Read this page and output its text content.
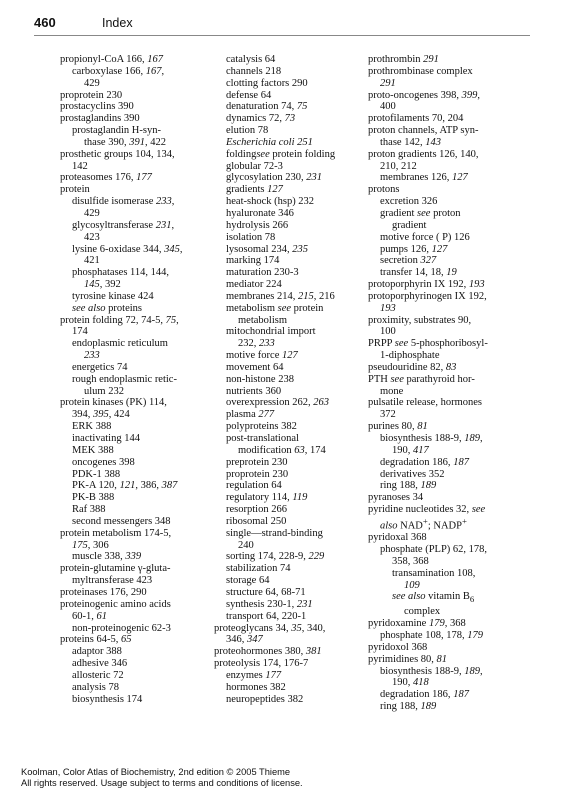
460	Index
propionyl-CoA 166, 167
carboxylase 166, 167,
429
proprotein 230
prostacyclins 390
prostaglandins 390
prostaglandin H-syn-
thase 390, 391, 422
prosthetic groups 104, 134,
142
proteasomes 176, 177
protein
disulfide isomerase 233,
429
glycosyltransferase 231,
423
lysine 6-oxidase 344, 345,
421
phosphatases 114, 144,
145, 392
tyrosine kinase 424
see also proteins
protein folding 72, 74-5, 75,
174
endoplasmic reticulum
233
energetics 74
rough endoplasmic retic-
ulum 232
protein kinases (PK) 114,
394, 395, 424
ERK 388
inactivating 144
MEK 388
oncogenes 398
PDK-1 388
PK-A 120, 121, 386, 387
PK-B 388
Raf 388
second messengers 348
protein metabolism 174-5,
175, 306
muscle 338, 339
protein-glutamine γ-gluta-
myltransferase 423
proteinases 176, 290
proteinogenic amino acids
60-1, 61
non-proteinogenic 62-3
proteins 64-5, 65
adaptor 388
adhesive 346
allosteric 72
analysis 78
biosynthesis 174
catalysis 64
channels 218
clotting factors 290
defense 64
denaturation 74, 75
dynamics 72, 73
elution 78
Escherichia coli 251
foldingsee protein folding
globular 72-3
glycosylation 230, 231
gradients 127
heat-shock (hsp) 232
hyaluronate 346
hydrolysis 266
isolation 78
lysosomal 234, 235
marking 174
maturation 230-3
mediator 224
membranes 214, 215, 216
metabolism see protein
metabolism
mitochondrial import
232, 233
motive force 127
movement 64
non-histone 238
nutrients 360
overexpression 262, 263
plasma 277
polyproteins 382
post-translational
modification 63, 174
preprotein 230
proprotein 230
regulation 64
regulatory 114, 119
resorption 266
ribosomal 250
single—strand-binding
240
sorting 174, 228-9, 229
stabilization 74
storage 64
structure 64, 68-71
synthesis 230-1, 231
transport 64, 220-1
proteoglycans 34, 35, 340,
346, 347
proteohormones 380, 381
proteolysis 174, 176-7
enzymes 177
hormones 382
neuropeptides 382
prothrombin 291
prothrombinase complex
291
proto-oncogenes 398, 399,
400
protofilaments 70, 204
proton channels, ATP syn-
thase 142, 143
proton gradients 126, 140,
210, 212
membranes 126, 127
protons
excretion 326
gradient see proton
gradient
motive force ( P) 126
pumps 126, 127
secretion 327
transfer 14, 18, 19
protoporphyrin IX 192, 193
protoporphyrinogen IX 192,
193
proximity, substrates 90,
100
PRPP see 5-phosphoribosyl-
1-diphosphate
pseudouridine 82, 83
PTH see parathyroid hor-
mone
pulsatile release, hormones
372
purines 80, 81
biosynthesis 188-9, 189,
190, 417
degradation 186, 187
derivatives 352
ring 188, 189
pyranoses 34
pyridine nucleotides 32, see
also NAD+; NADP+
pyridoxal 368
phosphate (PLP) 62, 178,
358, 368
transamination 108,
109
see also vitamin $B_6$
complex
pyridoxamine 179, 368
phosphate 108, 178, 179
pyridoxol 368
pyrimidines 80, 81
biosynthesis 188-9, 189,
190, 418
degradation 186, 187
ring 188, 189
Koolman, Color Atlas of Biochemistry, 2nd edition © 2005 Thieme
All rights reserved. Usage subject to terms and conditions of license.
